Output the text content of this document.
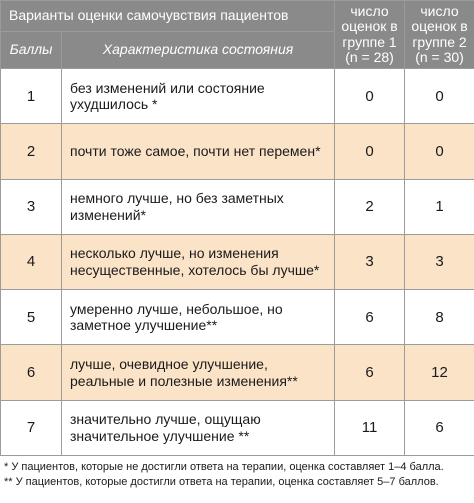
Варианты оценки самочувствия пациентов		число оценок в группе 1 (n = 28)	число оценок в группе 2 (n = 30)
Баллы	Характеристика состояния		
1	без изменений или состояние ухудшилось *	0	0
2	почти тоже самое, почти нет перемен*	0	0
3	немного лучше, но без заметных изменений*	2	1
4	несколько лучше, но изменения несущественные, хотелось бы лучше*	3	3
5	умеренно лучше, небольшое, но заметное улучшение**	6	8
6	лучше, очевидное улучшение, реальные и полезные изменения**	6	12
7	значительно лучше, ощущаю значительное улучшение **	11	6
* У пациентов, которые не достигли ответа на терапии, оценка составляет 1–4 балла.
** У пациентов, которые достигли ответа на терапии, оценка составляет 5–7 баллов.
